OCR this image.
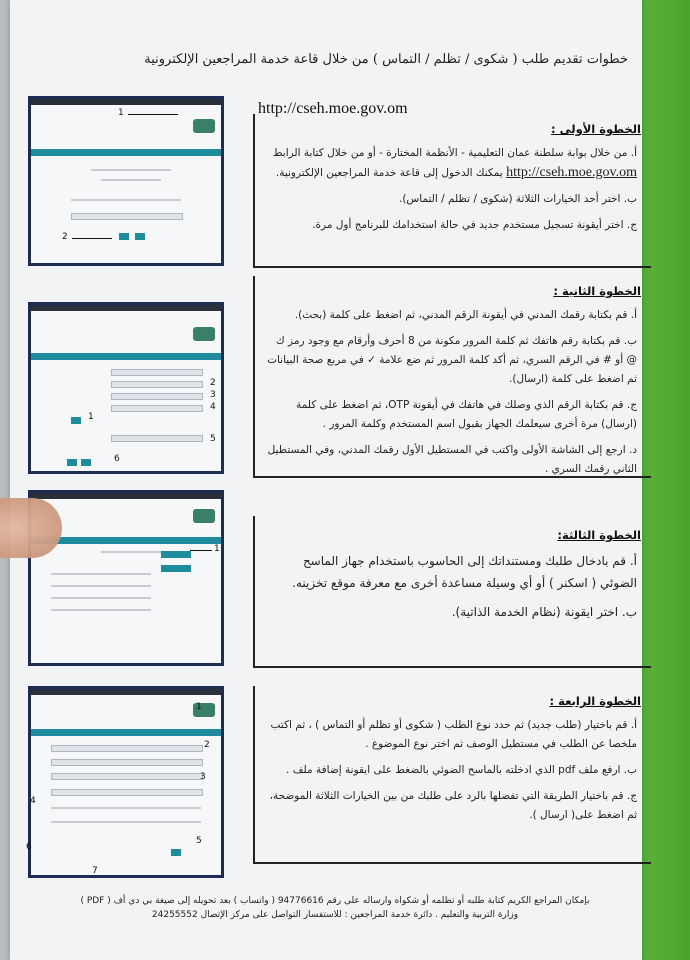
خطوات تقديم طلب ( شكوى / تظلم / التماس ) من خلال قاعة خدمة المراجعين الإلكترونية
http://cseh.moe.gov.om
الخطوة الأولى :

أ. من خلال بوابة سلطنة عمان التعليمية - الأنظمة المختارة - أو من خلال كتابة الرابط http://cseh.moe.gov.om يمكنك الدخول إلى قاعة خدمة المراجعين الإلكترونية.

ب. اختر أحد الخيارات الثلاثة (شكوى / تظلم / التماس).

ج. اختر أيقونة تسجيل مستخدم جديد في حالة استخدامك للبرنامج أول مرة.

الخطوة الثانية :

أ. قم بكتابة رقمك المدني في أيقونة الرقم المدني، ثم اضغط على كلمة (بحث).

ب. قم بكتابة رقم هاتفك ثم كلمة المرور مكونة من 8 أحرف وأرقام مع وجود رمز ك @ أو # في الرقم السري، ثم أكد كلمة المرور ثم ضع علامة ✓ في مربع صحة البيانات ثم اضغط على كلمة (ارسال).

ج. قم بكتابة الرقم الذي وصلك في هاتفك في أيقونة OTP، ثم اضغط على كلمة (ارسال) مرة أخرى سيعلمك الجهاز بقبول اسم المستخدم وكلمة المرور .

د. ارجع إلى الشاشة الأولى واكتب في المستطيل الأول رقمك المدني، وفي المستطيل الثاني رقمك السري .

الخطوة الثالثة:

أ. قم بادخال طلبك ومستنداتك إلى الحاسوب باستخدام جهاز الماسح الضوئي ( اسكنر ) أو أي وسيلة مساعدة أخرى مع معرفة موقع تخزينه.

ب. اختر ايقونة (نظام الخدمة الذاتية).

الخطوة الرابعة :

أ. قم باختيار (طلب جديد) ثم حدد نوع الطلب ( شكوى أو تظلم أو التماس ) ، ثم اكتب ملخصا عن الطلب في مستطيل الوصف ثم اختر نوع الموضوع .

ب. ارفع ملف pdf الذي ادخلته بالماسح الضوئي بالضغط على ايقونة إضافة ملف .

ج. قم باختيار الطريقة التي تفضلها بالرد على طلبك من بين الخيارات الثلاثة الموضحة، ثم اضغط على( ارسال ).

بإمكان المراجع الكريم كتابة طلبه أو تظلمه أو شكواه وارساله على رقم 94776616 ( واتساب ) بعد تحويله إلى صيغة بي دي أف ( PDF )
وزارة التربية والتعليم . دائرة خدمة المراجعين : للاستفسار التواصل على مركز الإتصال 24255552
1
2
2
3
4
5
6
1
1
1
2
3
4
5
6
7
